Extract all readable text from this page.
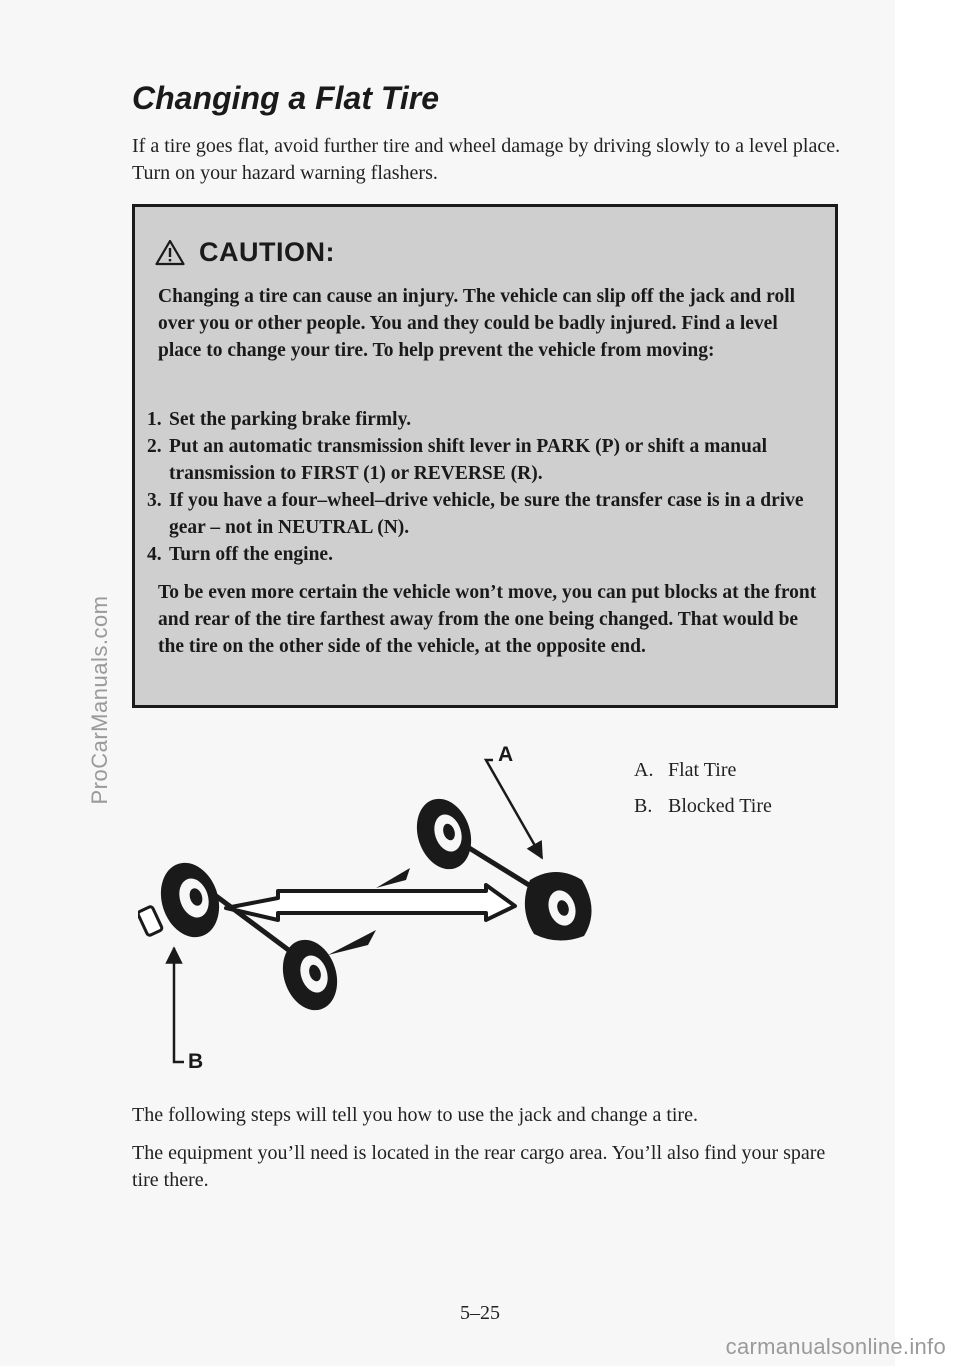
ProCarManuals.com
Changing a Flat Tire

If a tire goes flat, avoid further tire and wheel damage by driving slowly to a level place. Turn on your hazard warning flashers.

CAUTION:

Changing a tire can cause an injury. The vehicle can slip off the jack and roll over you or other people. You and they could be badly injured. Find a level place to change your tire. To help prevent the vehicle from moving:

1. Set the parking brake firmly.
2. Put an automatic transmission shift lever in PARK (P) or shift a manual transmission to FIRST (1) or REVERSE (R).
3. If you have a four–wheel–drive vehicle, be sure the transfer case is in a drive gear – not in NEUTRAL (N).
4. Turn off the engine.

To be even more certain the vehicle won’t move, you can put blocks at the front and rear of the tire farthest away from the one being changed. That would be the tire on the other side of the vehicle, at the opposite end.

A
B
A. Flat Tire
B. Blocked Tire

The following steps will tell you how to use the jack and change a tire.

The equipment you’ll need is located in the rear cargo area. You’ll also find your spare tire there.

5–25
carmanualsonline.info
